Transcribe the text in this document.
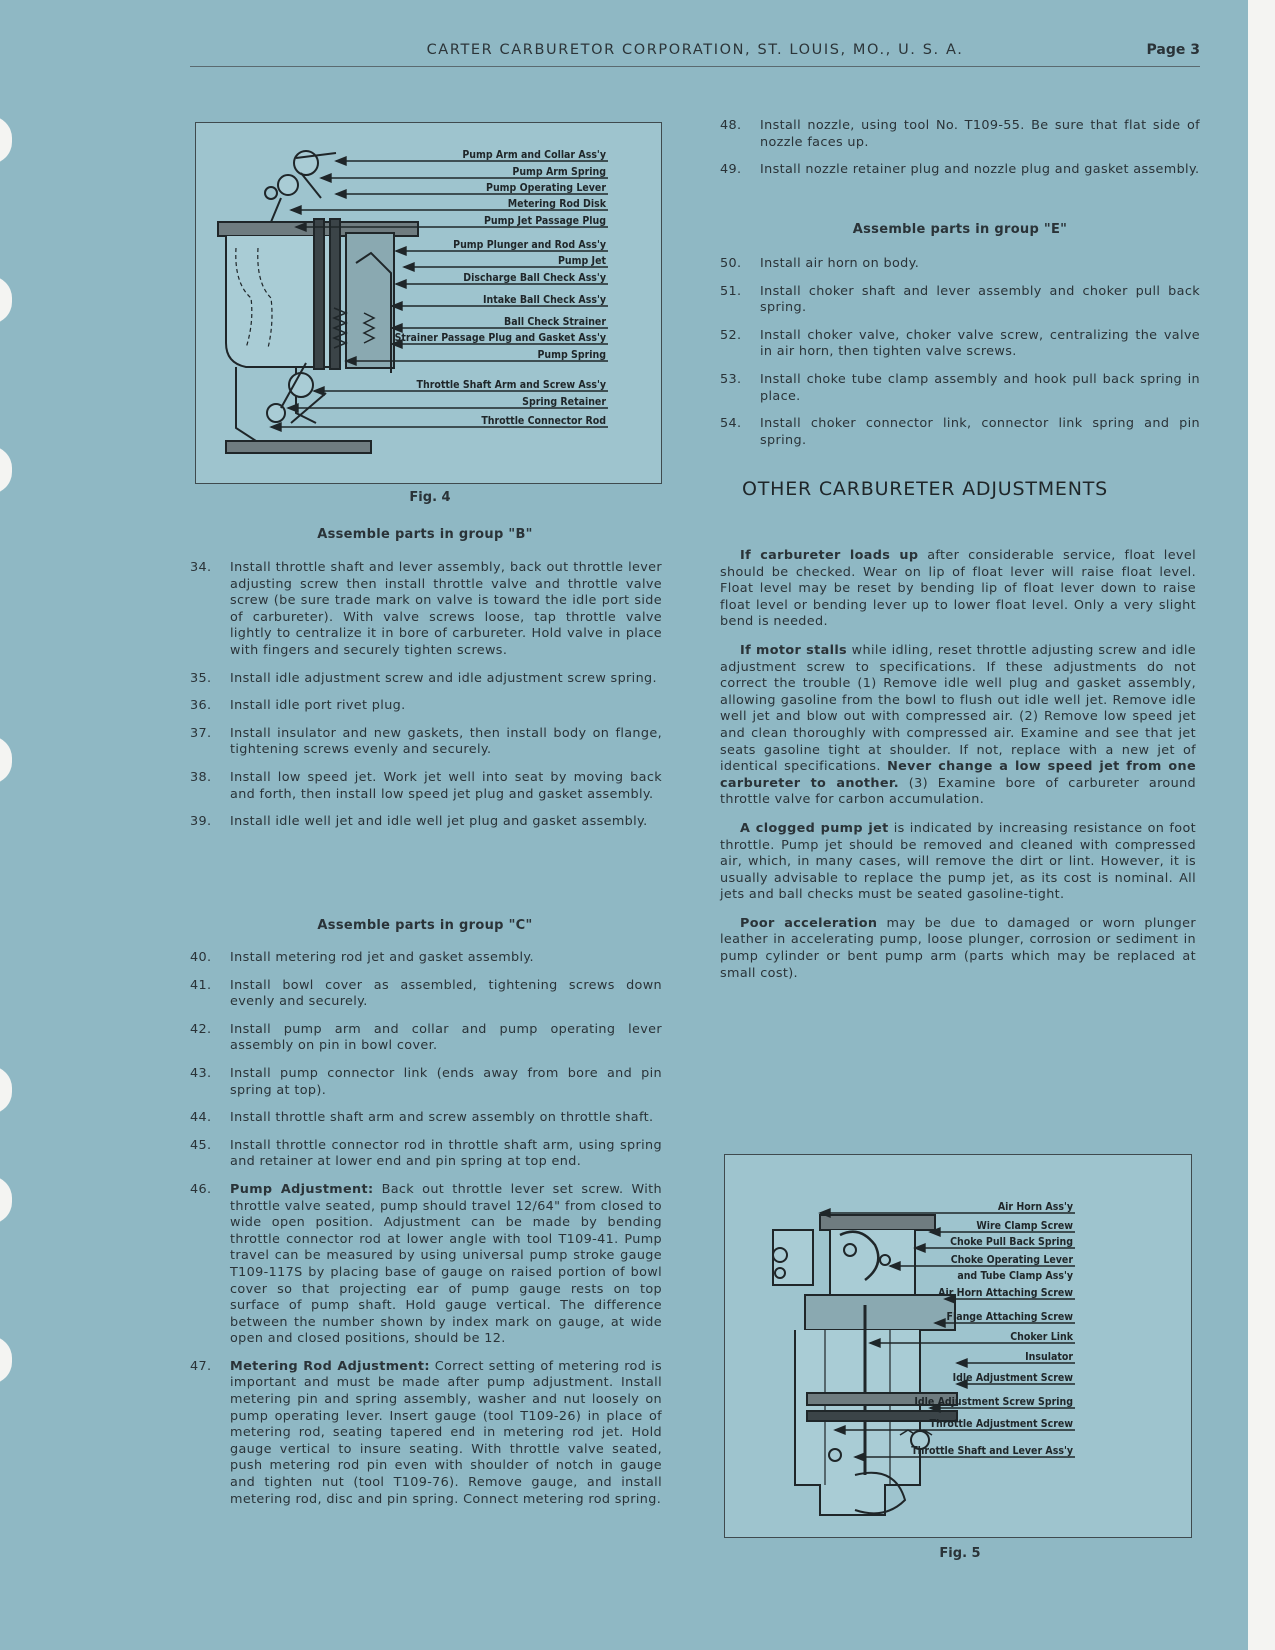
CARTER CARBURETOR CORPORATION, ST. LOUIS, MO., U. S. A.	Page 3
Pump Arm and Collar Ass'y
Pump Arm Spring
Pump Operating Lever
Metering Rod Disk
Pump Jet Passage Plug
Pump Plunger and Rod Ass'y
Pump Jet
Discharge Ball Check Ass'y
Intake Ball Check Ass'y
Ball Check Strainer
Strainer Passage Plug and Gasket Ass'y
Pump Spring
Throttle Shaft Arm and Screw Ass'y
Spring Retainer
Throttle Connector Rod
Fig. 4
Assemble parts in group "B"
34. Install throttle shaft and lever assembly, back out throttle lever adjusting screw then install throttle valve and throttle valve screw (be sure trade mark on valve is toward the idle port side of carbureter). With valve screws loose, tap throttle valve lightly to centralize it in bore of carbureter. Hold valve in place with fingers and securely tighten screws.
35. Install idle adjustment screw and idle adjustment screw spring.
36. Install idle port rivet plug.
37. Install insulator and new gaskets, then install body on flange, tightening screws evenly and securely.
38. Install low speed jet. Work jet well into seat by moving back and forth, then install low speed jet plug and gasket assembly.
39. Install idle well jet and idle well jet plug and gasket assembly.
Assemble parts in group "C"
40. Install metering rod jet and gasket assembly.
41. Install bowl cover as assembled, tightening screws down evenly and securely.
42. Install pump arm and collar and pump operating lever assembly on pin in bowl cover.
43. Install pump connector link (ends away from bore and pin spring at top).
44. Install throttle shaft arm and screw assembly on throttle shaft.
45. Install throttle connector rod in throttle shaft arm, using spring and retainer at lower end and pin spring at top end.
46. Pump Adjustment: Back out throttle lever set screw. With throttle valve seated, pump should travel 12/64" from closed to wide open position. Adjustment can be made by bending throttle connector rod at lower angle with tool T109-41. Pump travel can be measured by using universal pump stroke gauge T109-117S by placing base of gauge on raised portion of bowl cover so that projecting ear of pump gauge rests on top surface of pump shaft. Hold gauge vertical. The difference between the number shown by index mark on gauge, at wide open and closed positions, should be 12.
47. Metering Rod Adjustment: Correct setting of metering rod is important and must be made after pump adjustment. Install metering pin and spring assembly, washer and nut loosely on pump operating lever. Insert gauge (tool T109-26) in place of metering rod, seating tapered end in metering rod jet. Hold gauge vertical to insure seating. With throttle valve seated, push metering rod pin even with shoulder of notch in gauge and tighten nut (tool T109-76). Remove gauge, and install metering rod, disc and pin spring. Connect metering rod spring.
48. Install nozzle, using tool No. T109-55. Be sure that flat side of nozzle faces up.
49. Install nozzle retainer plug and nozzle plug and gasket assembly.
Assemble parts in group "E"
50. Install air horn on body.
51. Install choker shaft and lever assembly and choker pull back spring.
52. Install choker valve, choker valve screw, centralizing the valve in air horn, then tighten valve screws.
53. Install choke tube clamp assembly and hook pull back spring in place.
54. Install choker connector link, connector link spring and pin spring.
OTHER CARBURETER ADJUSTMENTS

If carbureter loads up after considerable service, float level should be checked. Wear on lip of float lever will raise float level. Float level may be reset by bending lip of float lever down to raise float level or bending lever up to lower float level. Only a very slight bend is needed.

If motor stalls while idling, reset throttle adjusting screw and idle adjustment screw to specifications. If these adjustments do not correct the trouble (1) Remove idle well plug and gasket assembly, allowing gasoline from the bowl to flush out idle well jet. Remove idle well jet and blow out with compressed air. (2) Remove low speed jet and clean thoroughly with compressed air. Examine and see that jet seats gasoline tight at shoulder. If not, replace with a new jet of identical specifications. Never change a low speed jet from one carbureter to another. (3) Examine bore of carbureter around throttle valve for carbon accumulation.

A clogged pump jet is indicated by increasing resistance on foot throttle. Pump jet should be removed and cleaned with compressed air, which, in many cases, will remove the dirt or lint. However, it is usually advisable to replace the pump jet, as its cost is nominal. All jets and ball checks must be seated gasoline-tight.

Poor acceleration may be due to damaged or worn plunger leather in accelerating pump, loose plunger, corrosion or sediment in pump cylinder or bent pump arm (parts which may be replaced at small cost).

Air Horn Ass'y
Wire Clamp Screw
Choke Pull Back Spring
Choke Operating Lever
and Tube Clamp Ass'y
Air Horn Attaching Screw
Flange Attaching Screw
Choker Link
Insulator
Idle Adjustment Screw
Idle Adjustment Screw Spring
Throttle Adjustment Screw
Throttle Shaft and Lever Ass'y
Fig. 5
